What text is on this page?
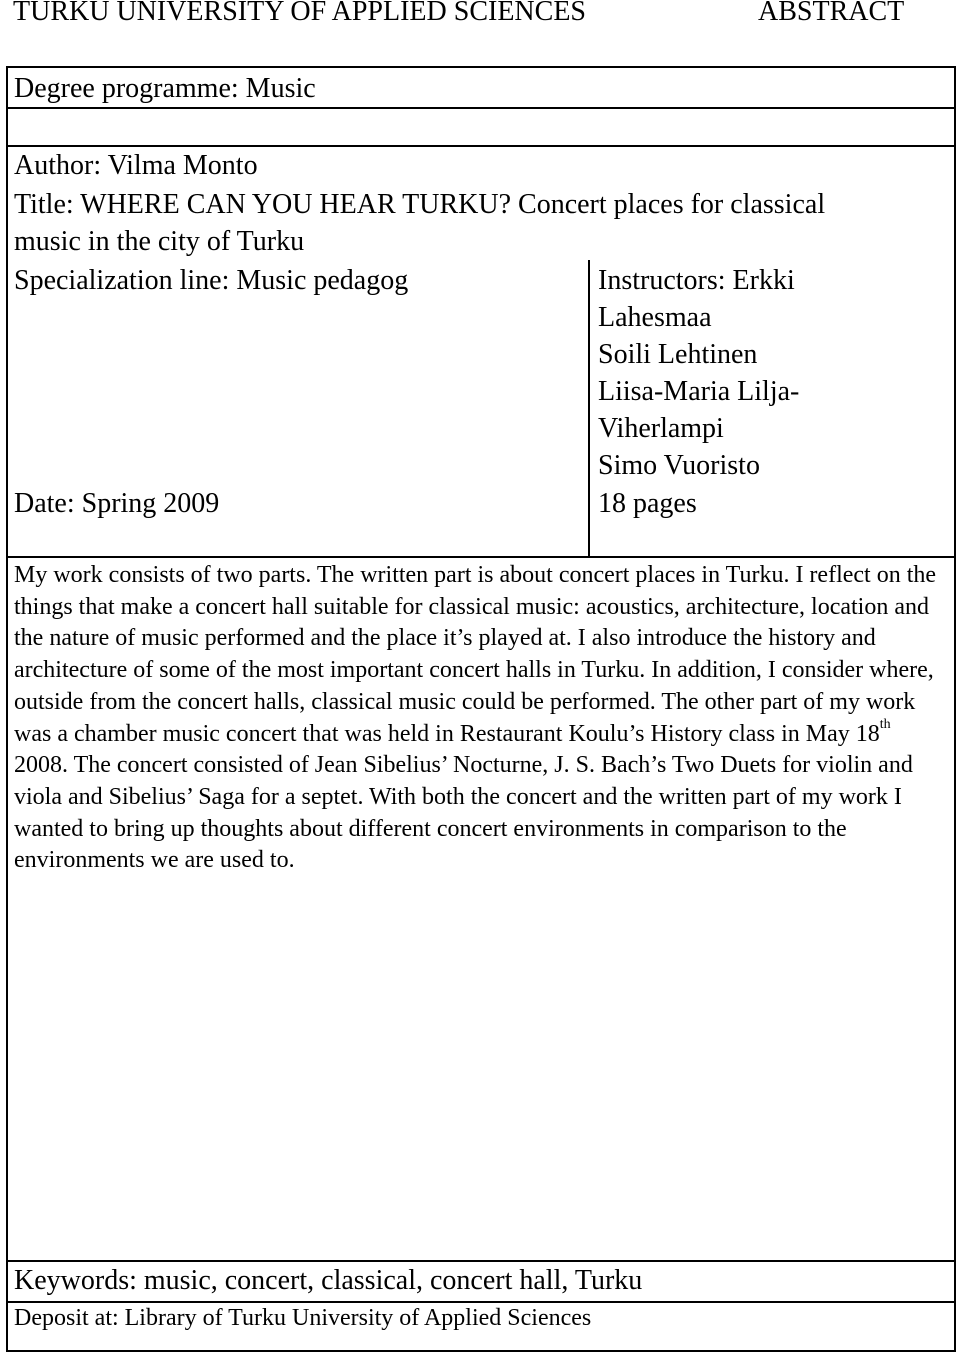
TURKU UNIVERSITY OF APPLIED SCIENCES	ABSTRACT
Degree programme: Music
Author: Vilma Monto
Title: WHERE CAN YOU HEAR TURKU? Concert places for classical
music in the city of Turku
Specialization line: Music pedagog	Instructors: Erkki
Lahesmaa
Soili Lehtinen
Liisa-Maria Lilja-
Viherlampi
Simo Vuoristo
Date: Spring 2009	18 pages

My work consists of two parts. The written part is about concert places in Turku. I reflect on the things that make a concert hall suitable for classical music: acoustics, architecture, location and the nature of music performed and the place it’s played at. I also introduce the history and architecture of some of the most important concert halls in Turku. In addition, I consider where, outside from the concert halls, classical music could be performed. The other part of my work was a chamber music concert that was held in Restaurant Koulu’s History class in May 18th 2008. The concert consisted of Jean Sibelius’ Nocturne, J. S. Bach’s Two Duets for violin and viola and Sibelius’ Saga for a septet. With both the concert and the written part of my work I wanted to bring up thoughts about different concert environments in comparison to the environments we are used to.

Keywords: music, concert, classical, concert hall, Turku
Deposit at: Library of Turku University of Applied Sciences
